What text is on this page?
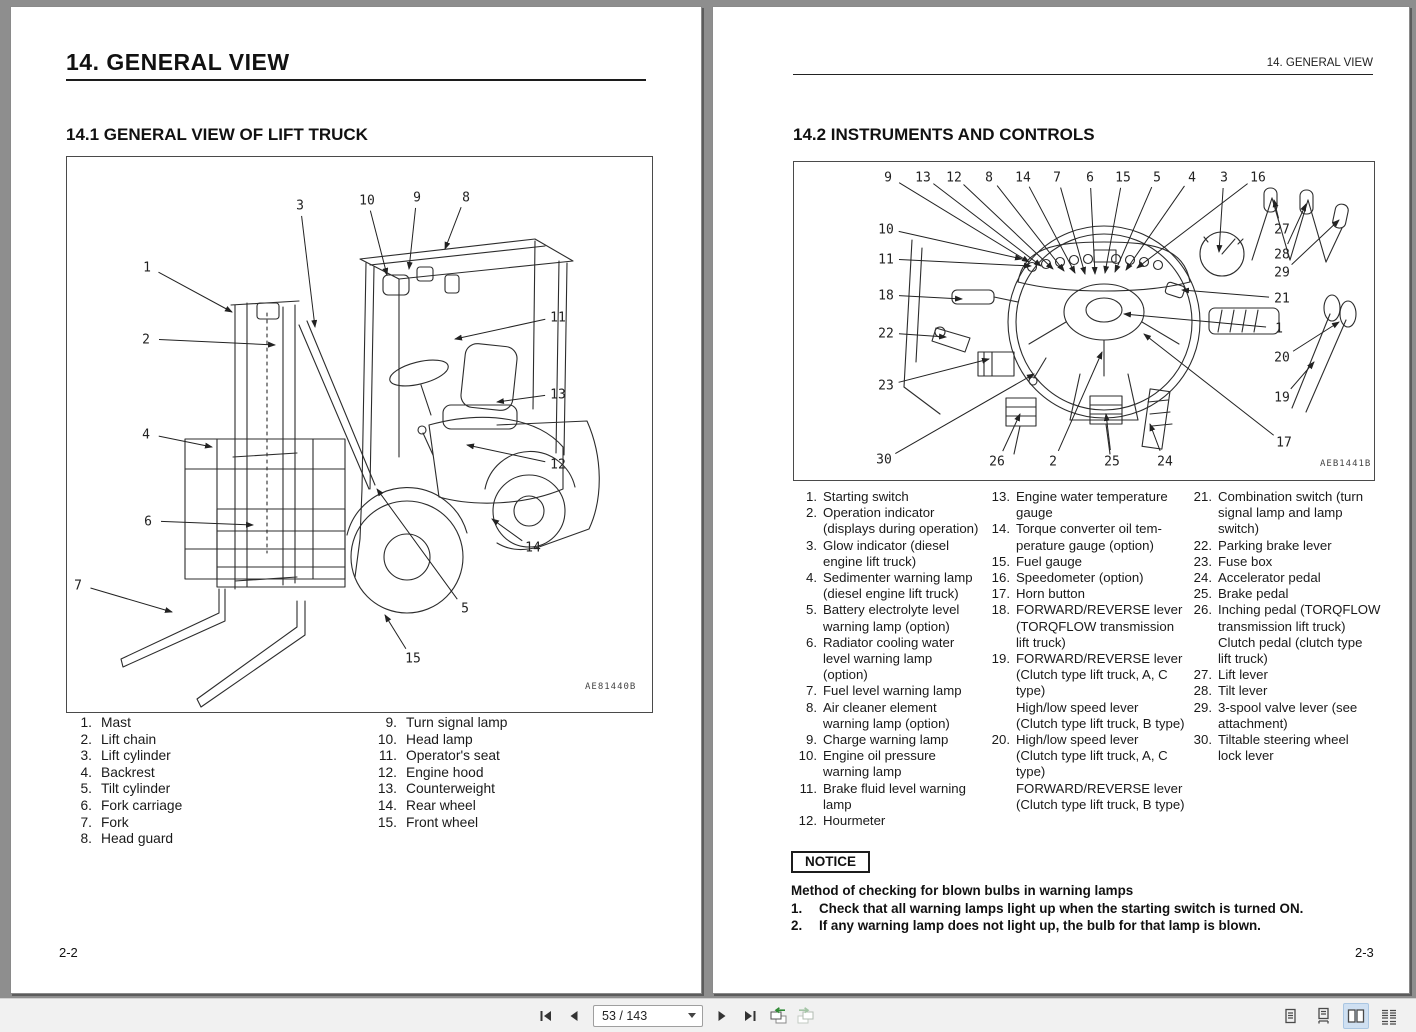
14. GENERAL VIEW
14.1 GENERAL VIEW OF LIFT TRUCK
AE81440B
1
2
3
4
6
7
5
15
14
12
13
11
8
9
10
1. Mast
2. Lift chain
3. Lift cylinder
4. Backrest
5. Tilt cylinder
6. Fork carriage
7. Fork
8. Head guard
9. Turn signal lamp
10. Head lamp
11. Operator's seat
12. Engine hood
13. Counterweight
14. Rear wheel
15. Front wheel
2-2
14. GENERAL VIEW
14.2 INSTRUMENTS AND CONTROLS
AEB1441B
9 13 12 8 14 7 6 15 5 4 3 16
10
11
18
22
23
30
27
28
29
21
1
20
19
17
26	2	25	24
1. Starting switch
2. Operation indicator
(displays during operation)
3. Glow indicator (diesel
engine lift truck)
4. Sedimenter warning lamp
(diesel engine lift truck)
5. Battery electrolyte level
warning lamp (option)
6. Radiator cooling water
level warning lamp
(option)
7. Fuel level warning lamp
8. Air cleaner element
warning lamp (option)
9. Charge warning lamp
10. Engine oil pressure
warning lamp
11. Brake fluid level warning
lamp
12. Hourmeter
13. Engine water temperature
gauge
14. Torque converter oil tem-
perature gauge (option)
15. Fuel gauge
16. Speedometer (option)
17. Horn button
18. FORWARD/REVERSE lever
(TORQFLOW transmission
lift truck)
19. FORWARD/REVERSE lever
(Clutch type lift truck, A, C
type)
High/low speed lever
(Clutch type lift truck, B type)
20. High/low speed lever
(Clutch type lift truck, A, C
type)
FORWARD/REVERSE lever
(Clutch type lift truck, B type)
21. Combination switch (turn
signal lamp and lamp
switch)
22. Parking brake lever
23. Fuse box
24. Accelerator pedal
25. Brake pedal
26. Inching pedal (TORQFLOW
transmission lift truck)
Clutch pedal (clutch type
lift truck)
27. Lift lever
28. Tilt lever
29. 3-spool valve lever (see
attachment)
30. Tiltable steering wheel
lock lever
NOTICE
Method of checking for blown bulbs in warning lamps
1.	Check that all warning lamps light up when the starting switch is turned ON.
2.	If any warning lamp does not light up, the bulb for that lamp is blown.
2-3
53 / 143
